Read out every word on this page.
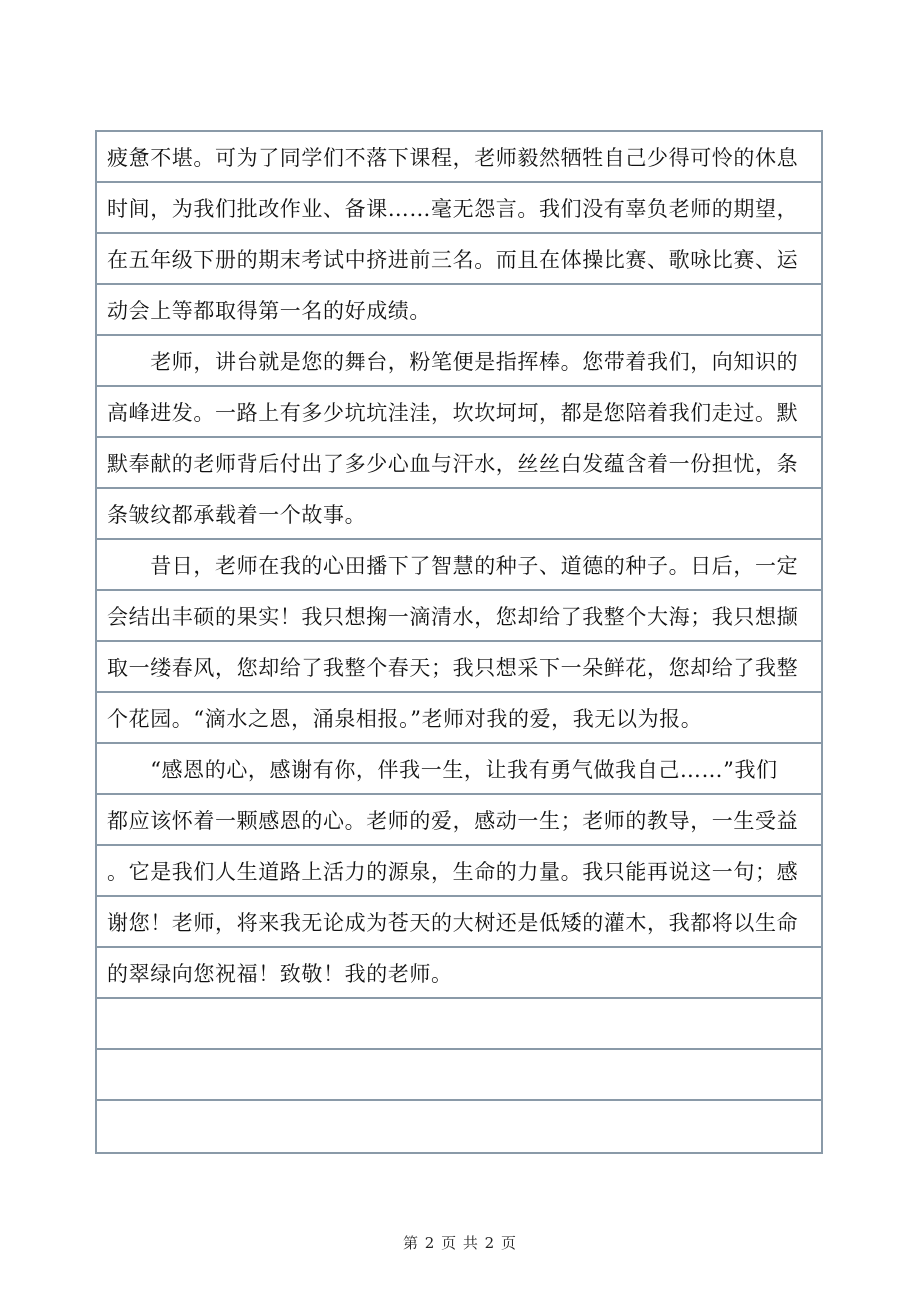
疲惫不堪。可为了同学们不落下课程，老师毅然牺牲自己少得可怜的休息
时间，为我们批改作业、备课……毫无怨言。我们没有辜负老师的期望，
在五年级下册的期末考试中挤进前三名。而且在体操比赛、歌咏比赛、运
动会上等都取得第一名的好成绩。
　　老师，讲台就是您的舞台，粉笔便是指挥棒。您带着我们，向知识的
高峰进发。一路上有多少坑坑洼洼，坎坎坷坷，都是您陪着我们走过。默
默奉献的老师背后付出了多少心血与汗水，丝丝白发蕴含着一份担忧，条
条皱纹都承载着一个故事。
　　昔日，老师在我的心田播下了智慧的种子、道德的种子。日后，一定
会结出丰硕的果实！我只想掬一滴清水，您却给了我整个大海；我只想撷
取一缕春风，您却给了我整个春天；我只想采下一朵鲜花，您却给了我整
个花园。“滴水之恩，涌泉相报。”老师对我的爱，我无以为报。
　　“感恩的心，感谢有你，伴我一生，让我有勇气做我自己……”我们
都应该怀着一颗感恩的心。老师的爱，感动一生；老师的教导，一生受益
。它是我们人生道路上活力的源泉，生命的力量。我只能再说这一句；感
谢您！老师，将来我无论成为苍天的大树还是低矮的灌木，我都将以生命
的翠绿向您祝福！致敬！我的老师。
第 2 页 共 2 页
